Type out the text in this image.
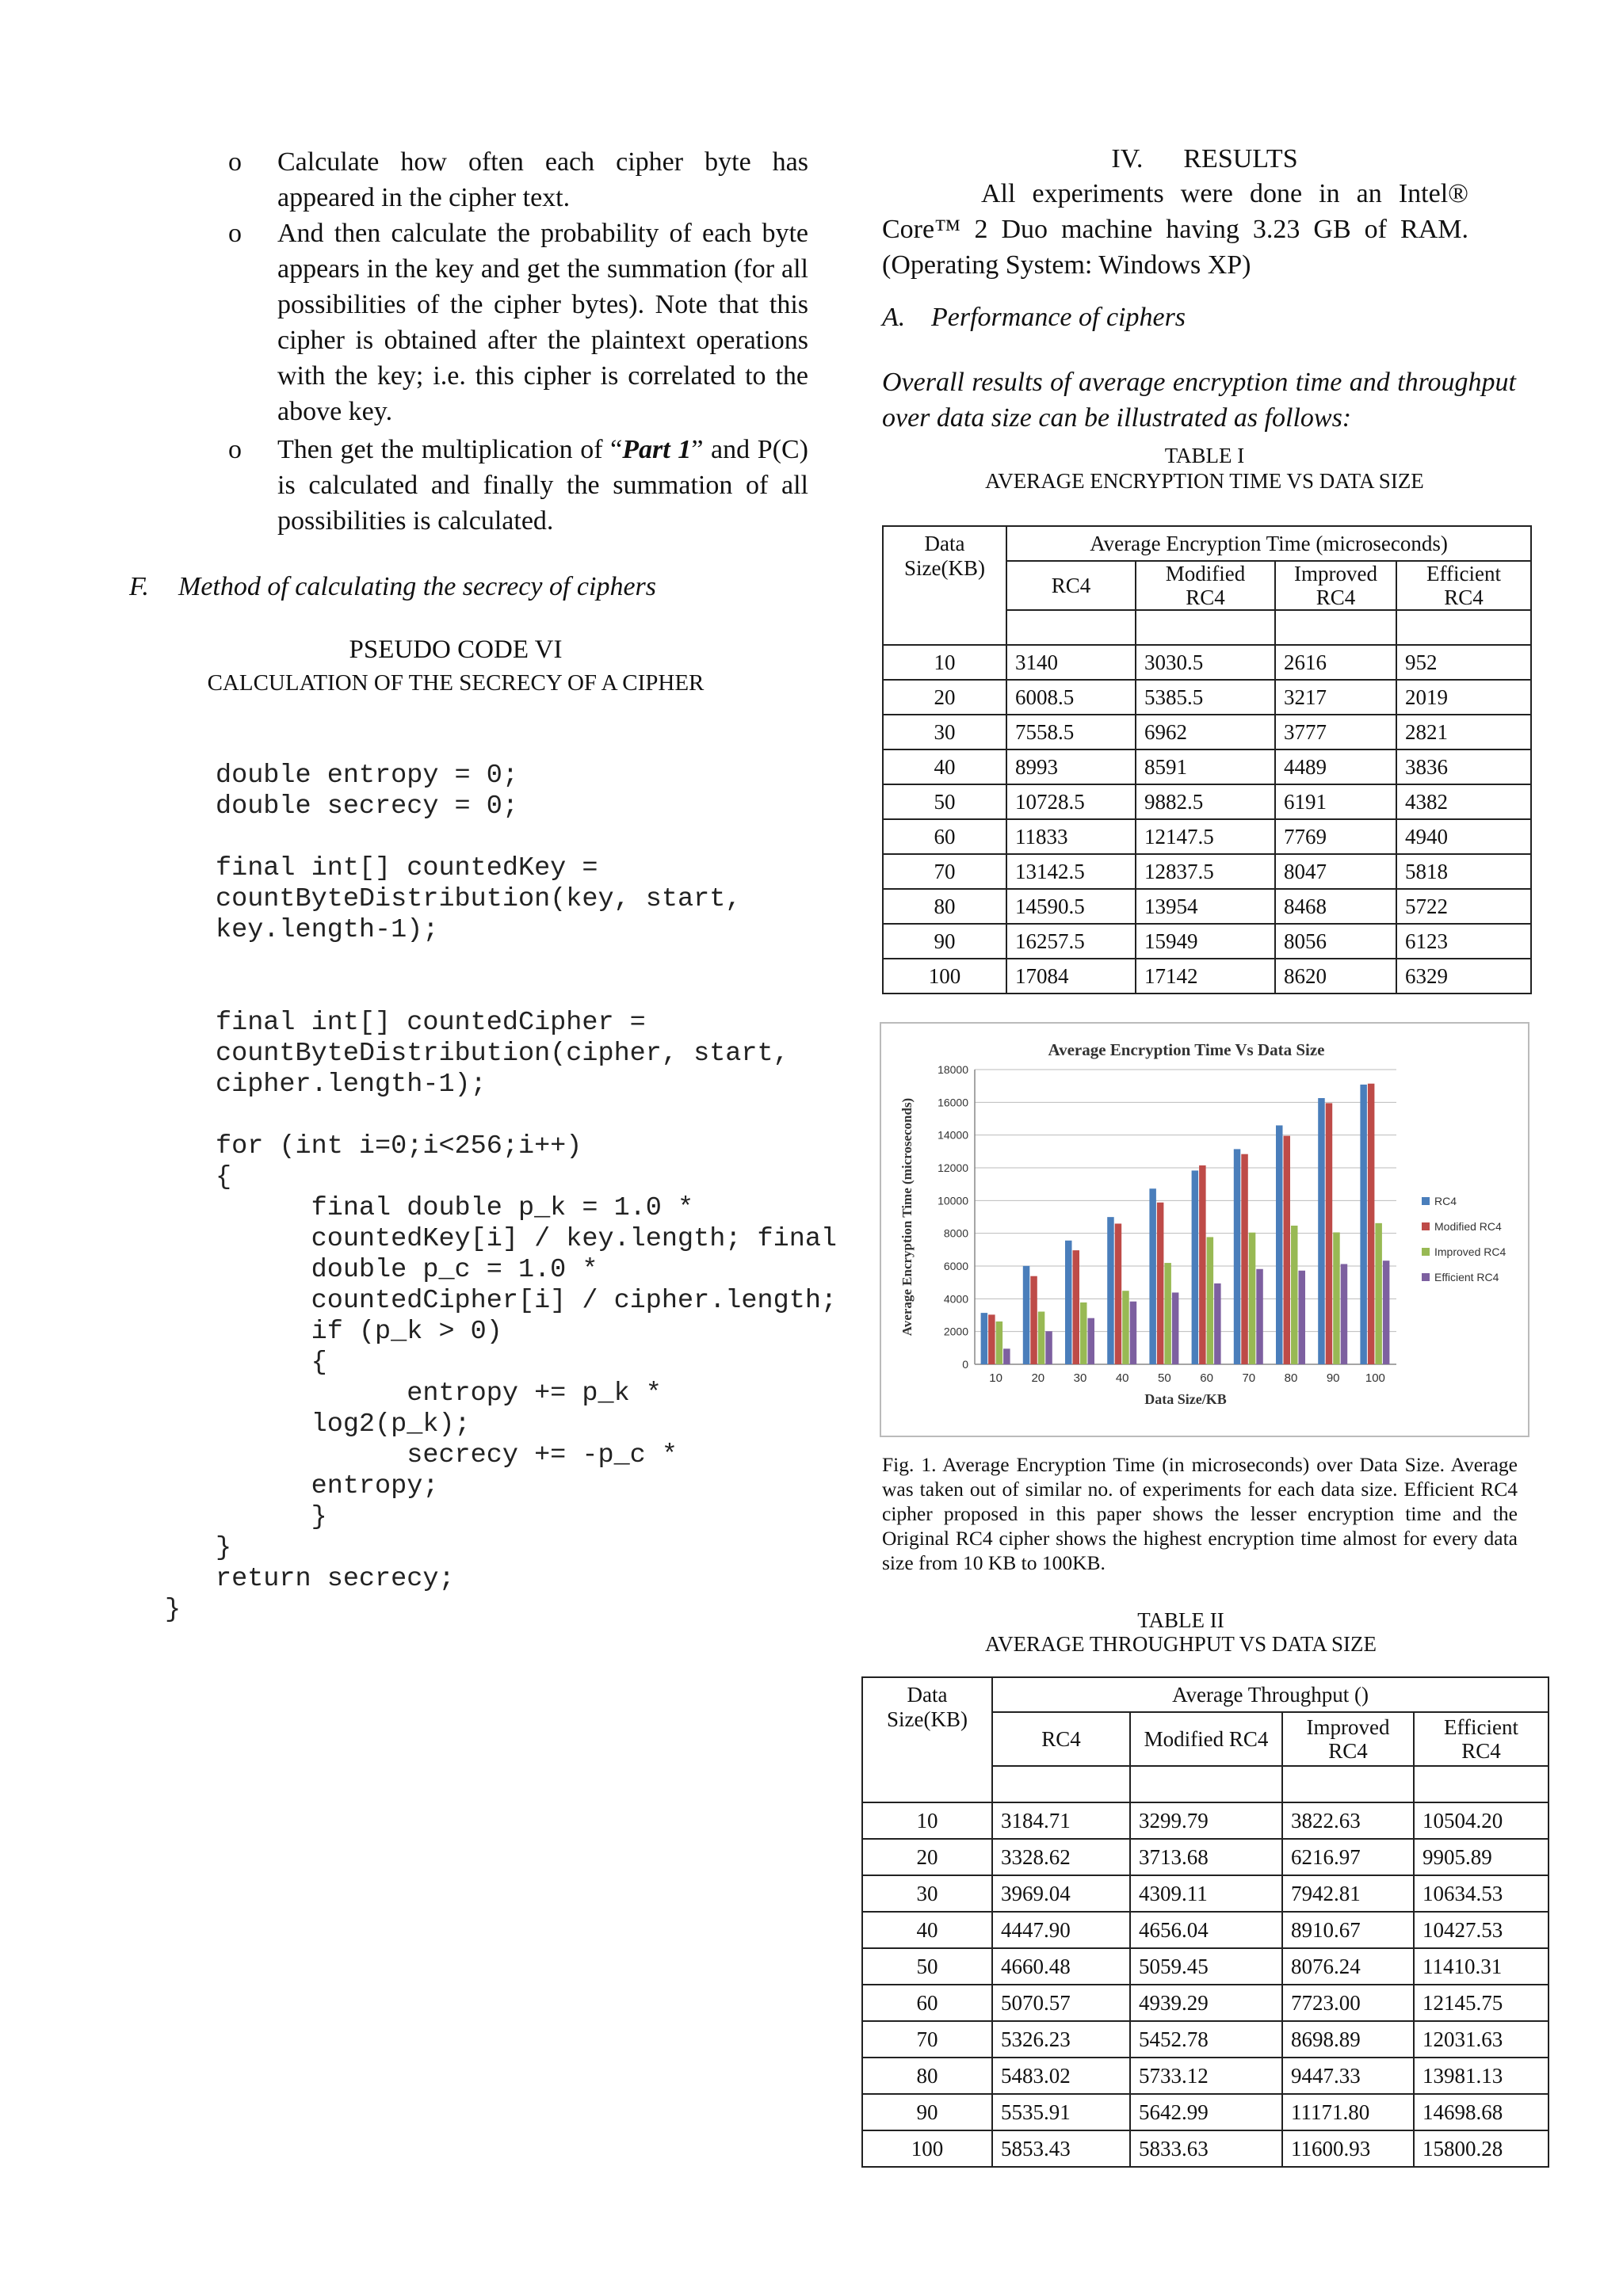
o Calculate how often each cipher byte has appeared in the cipher text.
o And then calculate the probability of each byte appears in the key and get the summation (for all possibilities of the cipher bytes). Note that this cipher is obtained after the plaintext operations with the key; i.e. this cipher is correlated to the above key.
o Then get the multiplication of “Part 1” and P(C) is calculated and finally the summation of all possibilities is calculated.
F. Method of calculating the secrecy of ciphers
PSEUDO CODE VI
CALCULATION OF THE SECRECY OF A CIPHER
double entropy = 0;
double secrecy = 0;
final int[] countedKey =
countByteDistribution(key, start,
key.length-1);
final int[] countedCipher =
countByteDistribution(cipher, start,
cipher.length-1);
for (int i=0;i<256;i++)
{
final double p_k = 1.0 *
countedKey[i] / key.length; final
double p_c = 1.0 *
countedCipher[i] / cipher.length;
if (p_k > 0)
{
entropy += p_k *
log2(p_k);
secrecy += -p_c *
entropy;
}
}
return secrecy;
}
IV.      RESULTS
All experiments were done in an Intel® Core™ 2 Duo machine having 3.23 GB of RAM. (Operating System: Windows XP)
A. Performance of ciphers
Overall results of average encryption time and throughput over data size can be illustrated as follows:
TABLE I
AVERAGE ENCRYPTION TIME VS DATA SIZE
Data Size(KB)	Average Encryption Time (microseconds)			
	RC4	Modified RC4	Improved RC4	Efficient RC4

10	3140	3030.5	2616	952
20	6008.5	5385.5	3217	2019
30	7558.5	6962	3777	2821
40	8993	8591	4489	3836
50	10728.5	9882.5	6191	4382
60	11833	12147.5	7769	4940
70	13142.5	12837.5	8047	5818
80	14590.5	13954	8468	5722
90	16257.5	15949	8056	6123
100	17084	17142	8620	6329
Average Encryption Time Vs Data Size
0
2000
4000
6000
8000
10000
12000
14000
16000
18000
10 20 30 40 50 60 70 80 90 100
Data Size/KB
Average Encryption Time (microseconds)	RC4
Modified RC4
Improved RC4
Efficient RC4
Fig. 1. Average Encryption Time (in microseconds) over Data Size. Average was taken out of similar no. of experiments for each data size. Efficient RC4 cipher proposed in this paper shows the lesser encryption time and the Original RC4 cipher shows the highest encryption time almost for every data size from 10 KB to 100KB.
TABLE II
AVERAGE THROUGHPUT VS DATA SIZE
Data Size(KB)	Average Throughput ()			
	RC4	Modified RC4	Improved RC4	Efficient RC4

10	3184.71	3299.79	3822.63	10504.20
20	3328.62	3713.68	6216.97	9905.89
30	3969.04	4309.11	7942.81	10634.53
40	4447.90	4656.04	8910.67	10427.53
50	4660.48	5059.45	8076.24	11410.31
60	5070.57	4939.29	7723.00	12145.75
70	5326.23	5452.78	8698.89	12031.63
80	5483.02	5733.12	9447.33	13981.13
90	5535.91	5642.99	11171.80	14698.68
100	5853.43	5833.63	11600.93	15800.28
